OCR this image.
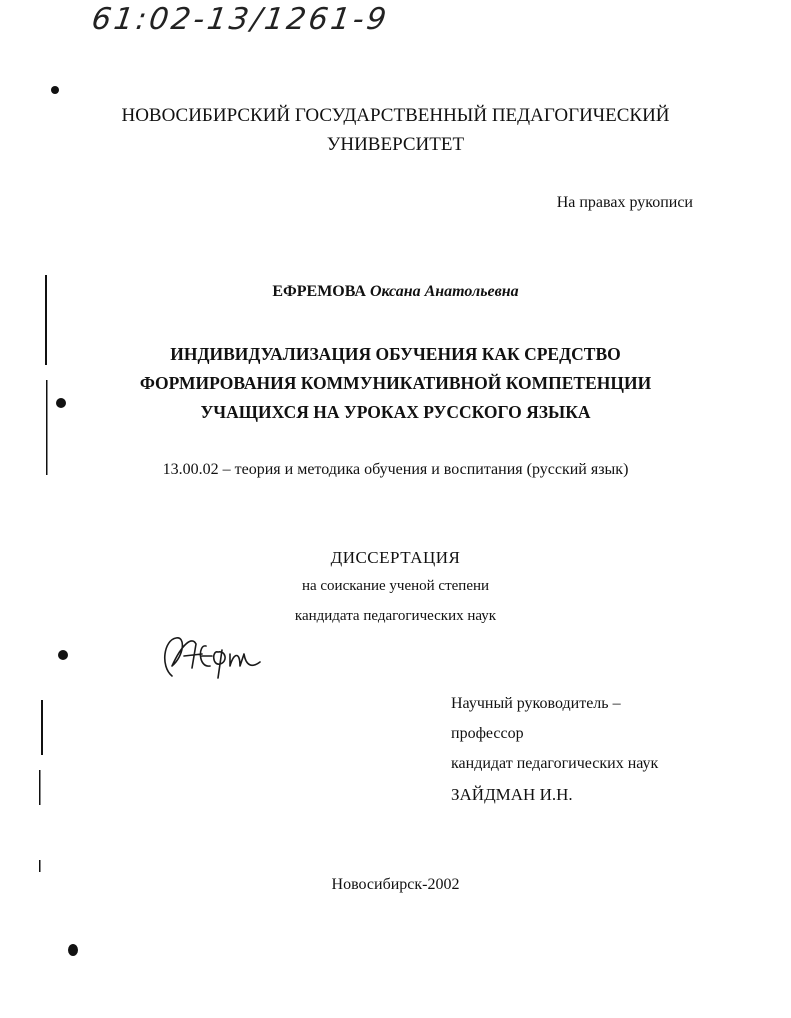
61:02-13/1261-9
НОВОСИБИРСКИЙ ГОСУДАРСТВЕННЫЙ ПЕДАГОГИЧЕСКИЙ
УНИВЕРСИТЕТ
На правах рукописи
ЕФРЕМОВА Оксана Анатольевна
ИНДИВИДУАЛИЗАЦИЯ ОБУЧЕНИЯ КАК СРЕДСТВО
ФОРМИРОВАНИЯ КОММУНИКАТИВНОЙ КОМПЕТЕНЦИИ
УЧАЩИХСЯ НА УРОКАХ РУССКОГО ЯЗЫКА
13.00.02 – теория и методика обучения и воспитания (русский язык)
ДИССЕРТАЦИЯ
на соискание ученой степени
кандидата педагогических наук
Научный руководитель –
профессор
кандидат педагогических наук
ЗАЙДМАН И.Н.
Новосибирск-2002
